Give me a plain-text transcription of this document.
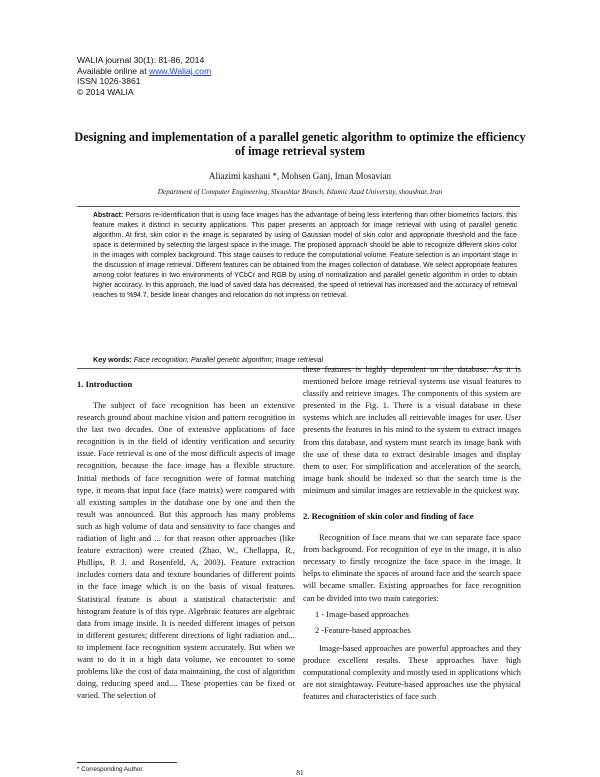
WALIA journal 30(1): 81-86, 2014
Available online at www.Waliaj.com
ISSN 1026-3861
© 2014 WALIA
Designing and implementation of a parallel genetic algorithm to optimize the efficiency of image retrieval system
Aliazimi kashani *, Mohsen Ganj, Iman Mosavian
Department of Computer Engineering, Shoushtar Branch, Islamic Azad University, shoushtar, Iran

Abstract: Persons re-identification that is using face images has the advantage of being less interfering than other biometrics factors, this feature makes it distinct in security applications. This paper presents an approach for image retrieval with using of parallel genetic algorithm. At first, skin color in the image is separated by using of Gaussian model of skin color and appropriate threshold and the face space is determined by selecting the largest space in the image. The proposed approach should be able to recognize different skins color in the images with complex background. This stage causes to reduce the computational volume. Feature selection is an important stage in the discussion of image retrieval. Different features can be obtained from the images collection of database. We select appropriate features among color features in two environments of YCbCr and RGB by using of normalization and parallel genetic algorithm in order to obtain higher accuracy. In this approach, the load of saved data has decreased, the speed of retrieval has increased and the accuracy of retrieval reaches to %94.7, beside linear changes and relocation do not impress on retrieval.

Key words: Face recognition; Parallel genetic algorithm; Image retrieval
1. Introduction

The subject of face recognition has been an extensive research ground about machine vision and pattern recognition in the last two decades. One of extensive applications of face recognition is in the field of identity verification and security issue. Face retrieval is one of the most difficult aspects of image recognition, because the face image has a flexible structure. Initial methods of face recognition were of format matching type, it means that input face (face matrix) were compared with all existing samples in the database one by one and then the result was announced. But this approach has many problems such as high volume of data and sensitivity to face changes and radiation of light and ... for that reason other approaches (like feature extraction) were created (Zhao, W., Chellappa, R., Phillips, P. J. and Rosenfeld, A, 2003). Feature extraction includes corners data and texture boundaries of different points in the face image which is on the basis of visual features. Statistical feature is about a statistical characteristic and histogram feature is of this type. Algebraic features are algebraic data from image inside. It is needed different images of person in different gestures; different directions of light radiation and... to implement face recognition system accurately. But when we want to do it in a high data volume, we encounter to some problems like the cost of data maintaining, the cost of algorithm doing, reducing speed and.... These properties can be fixed or varied. The selection of

these features is highly dependent on the database. As it is mentioned before image retrieval systems use visual features to classify and retrieve images. The components of this system are presented in the Fig. 1. There is a visual database in these systems which are includes all retrievable images for user. User presents the features in his mind to the system to extract images from this database, and system must search its image bank with the use of these data to extract desirable images and display them to user. For simplification and acceleration of the search, image bank should be indexed so that the search time is the minimum and similar images are retrievable in the quickest way.

2. Recognition of skin color and finding of face

Recognition of face means that we can separate face space from background. For recognition of eye in the image, it is also necessary to firstly recognize the face space in the image. It helps to eliminate the spaces of around face and the search space will became smaller. Existing approaches for face recognition can be divided into two main categories:

1 - Image-based approaches

2 -Feature-based approaches

Image-based approaches are powerful approaches and they produce excellent results. These approaches have high computational complexity and mostly used in applications which are not straightaway. Feature-based approaches use the physical features and characteristics of face such

* Corresponding Author.	81
